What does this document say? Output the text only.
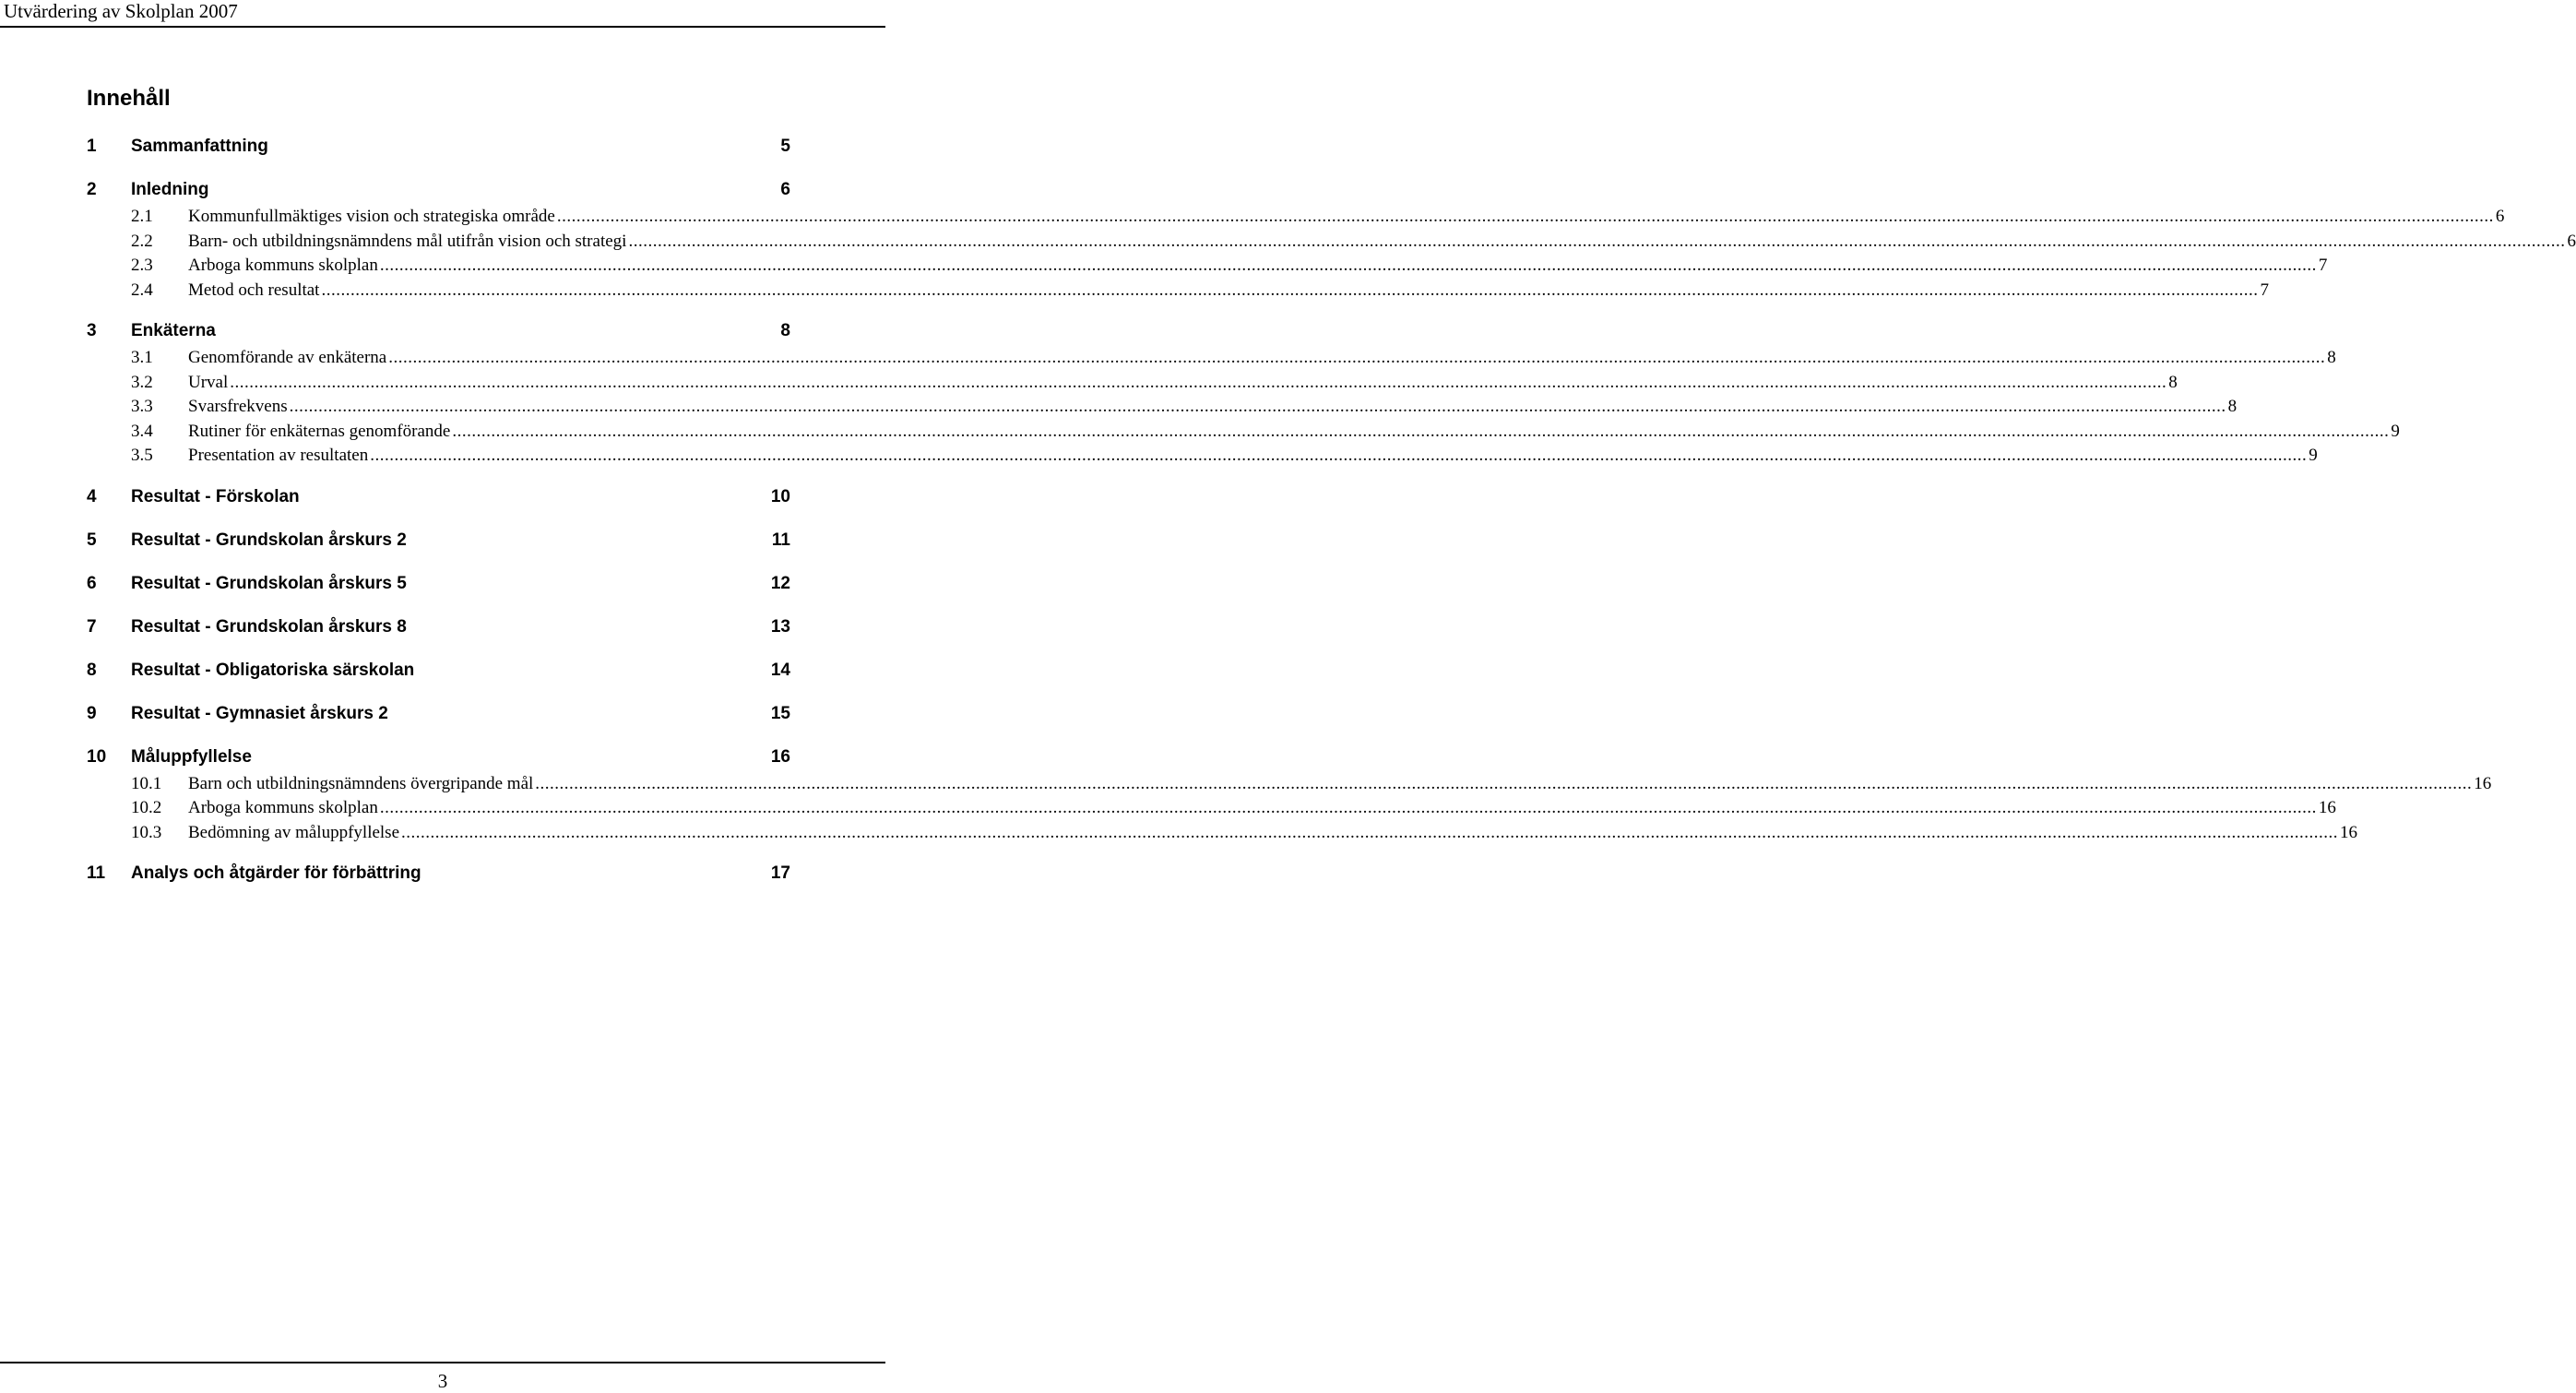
Utvärdering av Skolplan 2007
Innehåll
1 Sammanfattning	5
2 Inledning	6
2.1	Kommunfullmäktiges vision och strategiska område ................................................................................................................................................................................................................................................................................................................................................................................................................ 6
2.2	Barn- och utbildningsnämndens mål utifrån vision och strategi ................................................................................................................................................................................................................................................................................................................................................................................................................ 6
2.3	Arboga kommuns skolplan ................................................................................................................................................................................................................................................................................................................................................................................................................ 7
2.4	Metod och resultat ................................................................................................................................................................................................................................................................................................................................................................................................................ 7
3 Enkäterna	8
3.1	Genomförande av enkäterna ................................................................................................................................................................................................................................................................................................................................................................................................................ 8
3.2	Urval ................................................................................................................................................................................................................................................................................................................................................................................................................ 8
3.3	Svarsfrekvens ................................................................................................................................................................................................................................................................................................................................................................................................................ 8
3.4	Rutiner för enkäternas genomförande ................................................................................................................................................................................................................................................................................................................................................................................................................ 9
3.5	Presentation av resultaten ................................................................................................................................................................................................................................................................................................................................................................................................................ 9
4 Resultat - Förskolan	10
5 Resultat - Grundskolan årskurs 2	11
6 Resultat - Grundskolan årskurs 5	12
7 Resultat - Grundskolan årskurs 8	13
8 Resultat - Obligatoriska särskolan	14
9 Resultat - Gymnasiet årskurs 2	15
10 Måluppfyllelse	16
10.1	Barn och utbildningsnämndens övergripande mål ................................................................................................................................................................................................................................................................................................................................................................................................................ 16
10.2	Arboga kommuns skolplan ................................................................................................................................................................................................................................................................................................................................................................................................................ 16
10.3	Bedömning av måluppfyllelse ................................................................................................................................................................................................................................................................................................................................................................................................................ 16
11 Analys och åtgärder för förbättring	17
3
